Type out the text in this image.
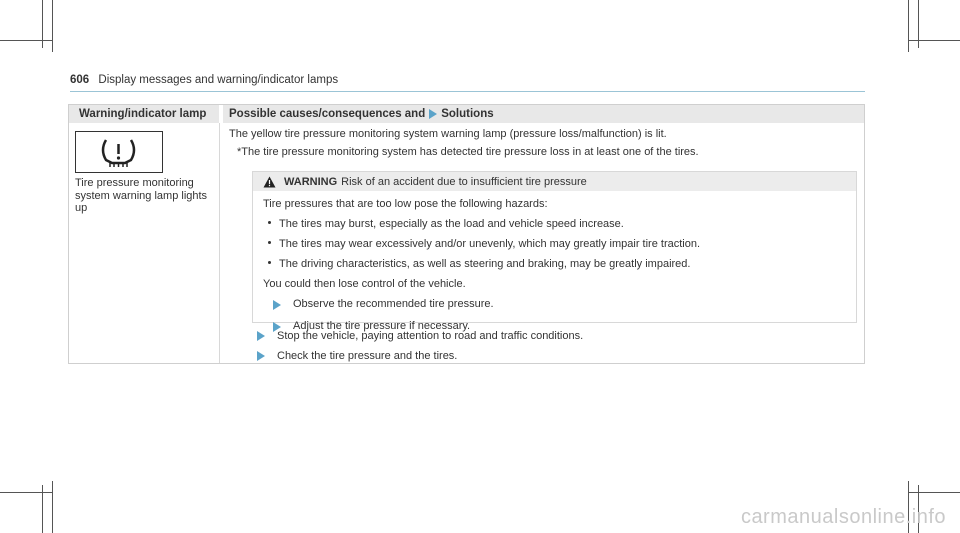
606 Display messages and warning/indicator lamps
Warning/indicator lamp Possible causes/consequences and Solutions
Tire pressure monitoring system warning lamp lights up
The yellow tire pressure monitoring system warning lamp (pressure loss/malfunction) is lit.
*The tire pressure monitoring system has detected tire pressure loss in at least one of the tires.
WARNING Risk of an accident due to insufficient tire pressure
Tire pressures that are too low pose the following hazards:
The tires may burst, especially as the load and vehicle speed increase.
The tires may wear excessively and/or unevenly, which may greatly impair tire traction.
The driving characteristics, as well as steering and braking, may be greatly impaired.
You could then lose control of the vehicle.
Observe the recommended tire pressure.
Adjust the tire pressure if necessary.
Stop the vehicle, paying attention to road and traffic conditions.
Check the tire pressure and the tires.
carmanualsonline.info
